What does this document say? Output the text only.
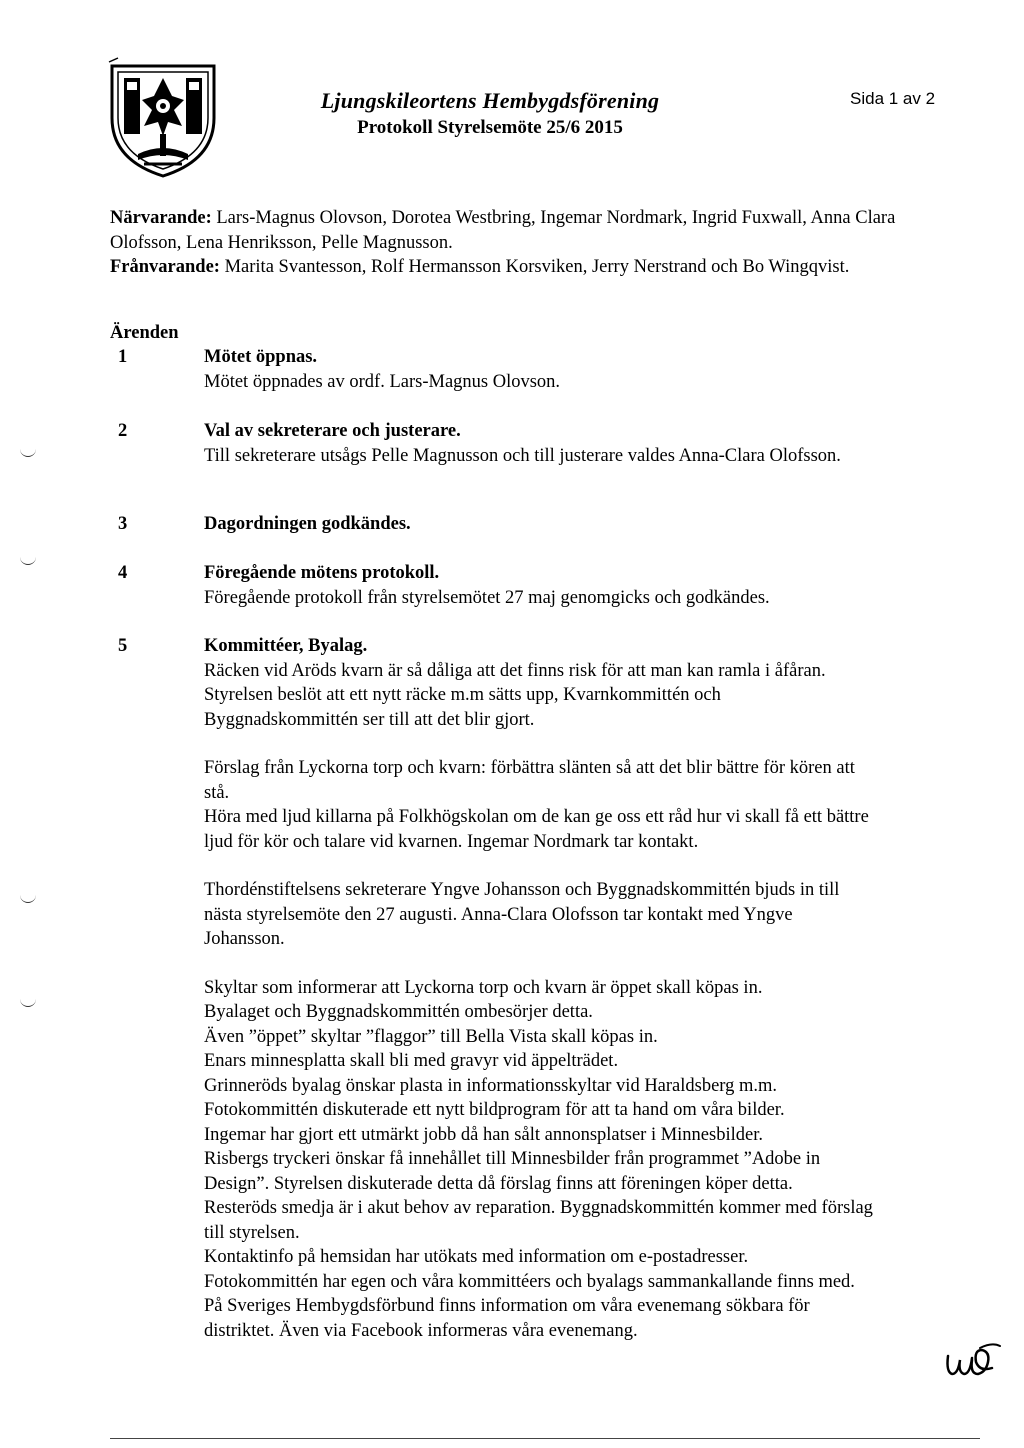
Ljungskileortens Hembygdsförening
Protokoll Styrelsemöte 25/6 2015
Sida 1 av 2
Närvarande: Lars-Magnus Olovson, Dorotea Westbring, Ingemar Nordmark, Ingrid Fuxwall, Anna Clara Olofsson, Lena Henriksson, Pelle Magnusson.
Frånvarande: Marita Svantesson, Rolf Hermansson Korsviken, Jerry Nerstrand och Bo Wingqvist.
Ärenden
1	Mötet öppnas.
Mötet öppnades av ordf. Lars-Magnus Olovson.
2	Val av sekreterare och justerare.
Till sekreterare utsågs Pelle Magnusson och till justerare valdes Anna-Clara Olofsson.
3	Dagordningen godkändes.
4	Föregående mötens protokoll.
Föregående protokoll från styrelsemötet 27 maj genomgicks och godkändes.
5	Kommittéer, Byalag.
Räcken vid Aröds kvarn är så dåliga att det finns risk för att man kan ramla i åfåran. Styrelsen beslöt att ett nytt räcke m.m sätts upp, Kvarnkommittén och Byggnadskommittén ser till att det blir gjort.
Förslag från Lyckorna torp och kvarn: förbättra slänten så att det blir bättre för kören att stå.
Höra med ljud killarna på Folkhögskolan om de kan ge oss ett råd hur vi skall få ett bättre ljud för kör och talare vid kvarnen. Ingemar Nordmark tar kontakt.
Thordénstiftelsens sekreterare Yngve Johansson och Byggnadskommittén bjuds in till nästa styrelsemöte den 27 augusti. Anna-Clara Olofsson tar kontakt med Yngve Johansson.
Skyltar som informerar att Lyckorna torp och kvarn är öppet skall köpas in.
Byalaget och Byggnadskommittén ombesörjer detta.
Även ”öppet” skyltar ”flaggor” till Bella Vista skall köpas in.
Enars minnesplatta skall bli med gravyr vid äppelträdet.
Grinneröds byalag önskar plasta in informationsskyltar vid Haraldsberg m.m.
Fotokommittén diskuterade ett nytt bildprogram för att ta hand om våra bilder.
Ingemar har gjort ett utmärkt jobb då han sålt annonsplatser i Minnesbilder.
Risbergs tryckeri önskar få innehållet till Minnesbilder från programmet ”Adobe in Design”. Styrelsen diskuterade detta då förslag finns att föreningen köper detta.
Resteröds smedja är i akut behov av reparation. Byggnadskommittén kommer med förslag till styrelsen.
Kontaktinfo på hemsidan har utökats med information om e-postadresser.
Fotokommittén har egen och våra kommittéers och byalags sammankallande finns med. På Sveriges Hembygdsförbund finns information om våra evenemang sökbara för distriktet. Även via Facebook informeras våra evenemang.
